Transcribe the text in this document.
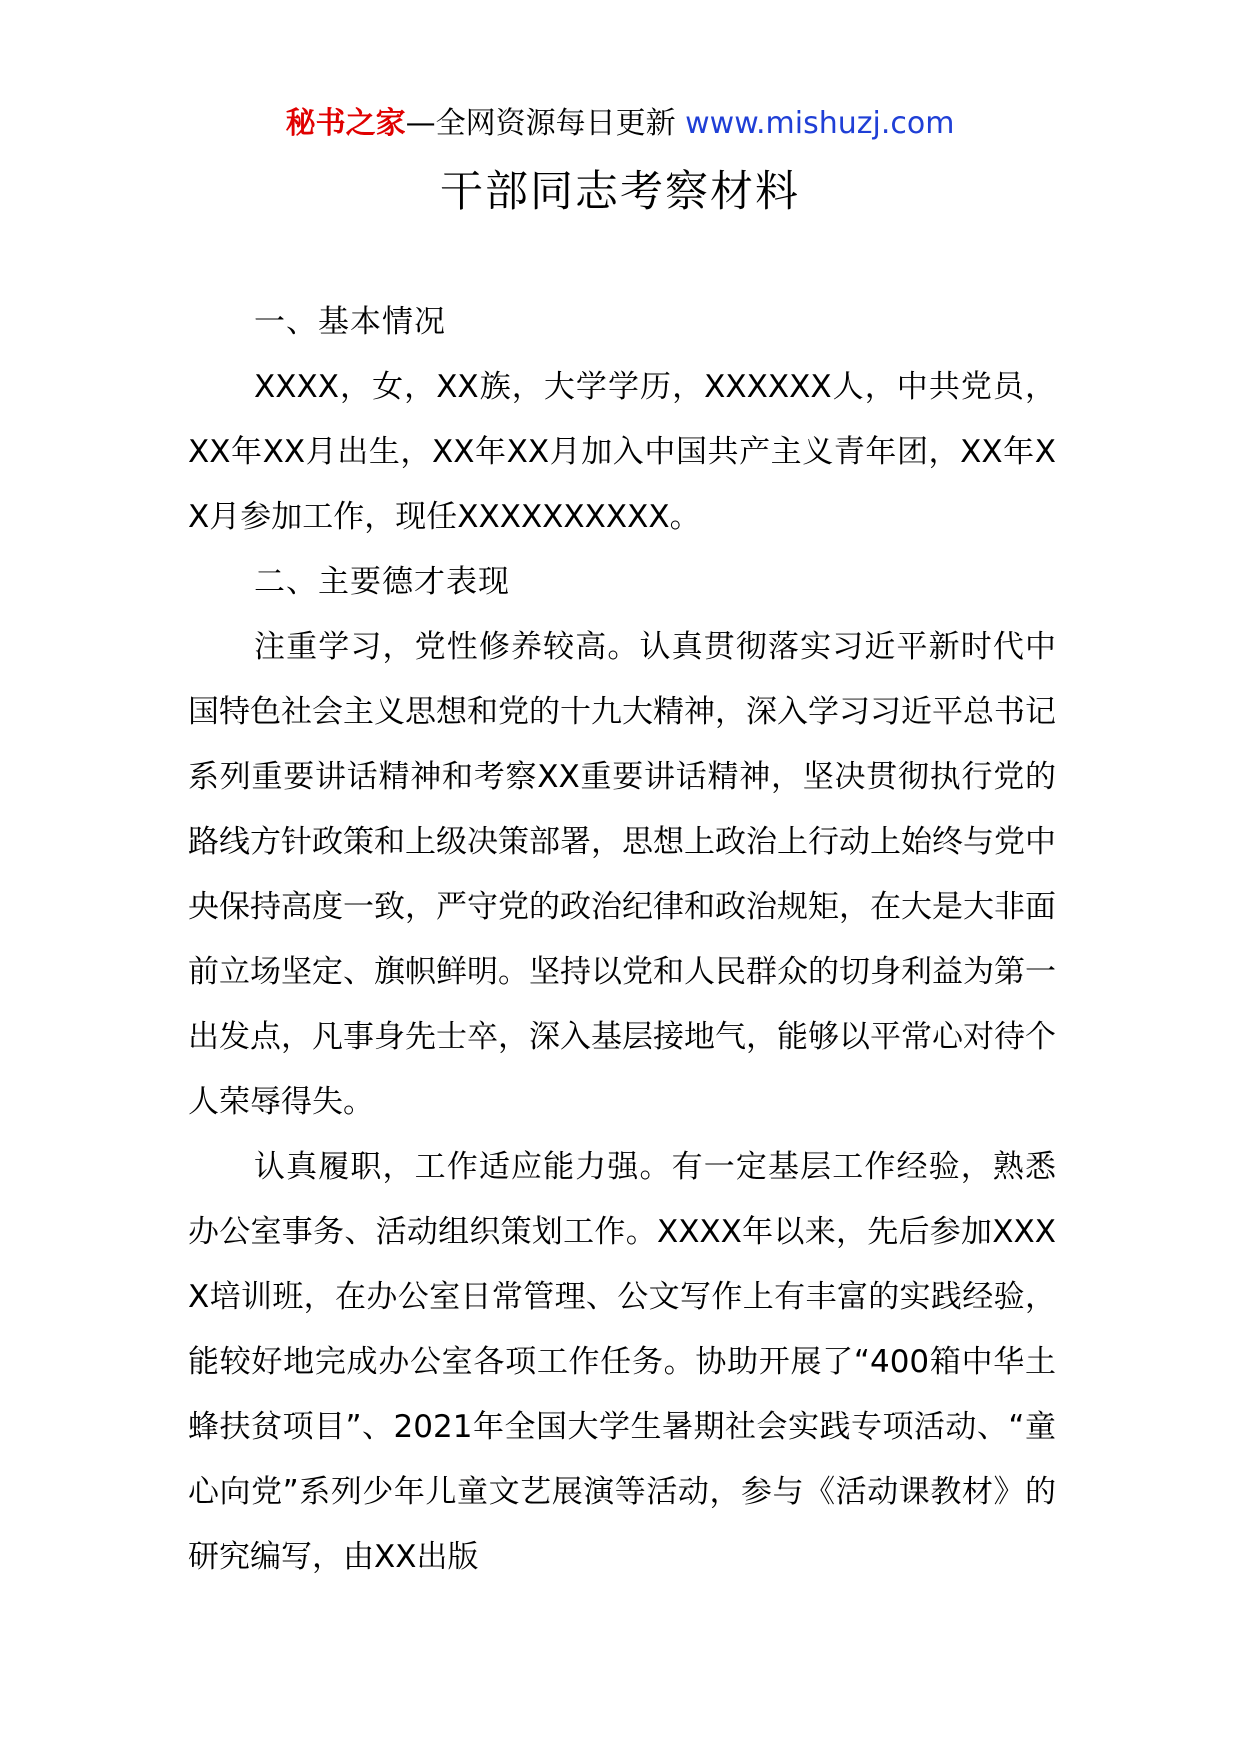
秘书之家—全网资源每日更新 www.mishuzj.com
干部同志考察材料

一、基本情况

XXXX，女，XX族，大学学历，XXXXXX人，中共党员，XX年XX月出生，XX年XX月加入中国共产主义青年团，XX年XX月参加工作，现任XXXXXXXXXX。

二、主要德才表现

注重学习，党性修养较高。认真贯彻落实习近平新时代中国特色社会主义思想和党的十九大精神，深入学习习近平总书记系列重要讲话精神和考察XX重要讲话精神，坚决贯彻执行党的路线方针政策和上级决策部署，思想上政治上行动上始终与党中央保持高度一致，严守党的政治纪律和政治规矩，在大是大非面前立场坚定、旗帜鲜明。坚持以党和人民群众的切身利益为第一出发点，凡事身先士卒，深入基层接地气，能够以平常心对待个人荣辱得失。

认真履职，工作适应能力强。有一定基层工作经验，熟悉办公室事务、活动组织策划工作。XXXX年以来，先后参加XXXX培训班，在办公室日常管理、公文写作上有丰富的实践经验，能较好地完成办公室各项工作任务。协助开展了“400箱中华土蜂扶贫项目”、2021年全国大学生暑期社会实践专项活动、“童心向党”系列少年儿童文艺展演等活动，参与《活动课教材》的研究编写，由XX出版
